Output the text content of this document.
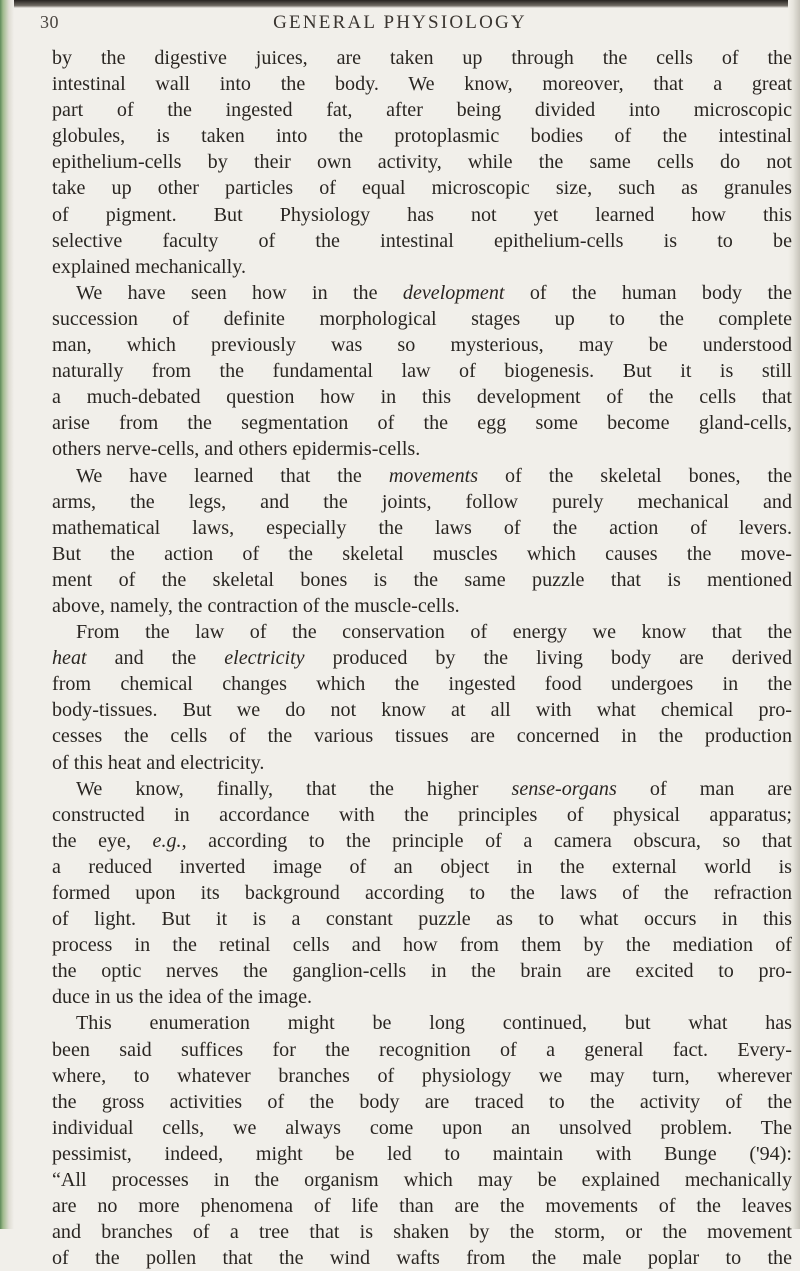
30	GENERAL PHYSIOLOGY
by the digestive juices, are taken up through the cells of the
intestinal wall into the body. We know, moreover, that a great
part of the ingested fat, after being divided into microscopic
globules, is taken into the protoplasmic bodies of the intestinal
epithelium-cells by their own activity, while the same cells do not
take up other particles of equal microscopic size, such as granules
of pigment. But Physiology has not yet learned how this
selective faculty of the intestinal epithelium-cells is to be
explained mechanically.
We have seen how in the development of the human body the
succession of definite morphological stages up to the complete
man, which previously was so mysterious, may be understood
naturally from the fundamental law of biogenesis. But it is still
a much-debated question how in this development of the cells that
arise from the segmentation of the egg some become gland-cells,
others nerve-cells, and others epidermis-cells.
We have learned that the movements of the skeletal bones, the
arms, the legs, and the joints, follow purely mechanical and
mathematical laws, especially the laws of the action of levers.
But the action of the skeletal muscles which causes the move-
ment of the skeletal bones is the same puzzle that is mentioned
above, namely, the contraction of the muscle-cells.
From the law of the conservation of energy we know that the
heat and the electricity produced by the living body are derived
from chemical changes which the ingested food undergoes in the
body-tissues. But we do not know at all with what chemical pro-
cesses the cells of the various tissues are concerned in the production
of this heat and electricity.
We know, finally, that the higher sense-organs of man are
constructed in accordance with the principles of physical apparatus;
the eye, e.g., according to the principle of a camera obscura, so that
a reduced inverted image of an object in the external world is
formed upon its background according to the laws of the refraction
of light. But it is a constant puzzle as to what occurs in this
process in the retinal cells and how from them by the mediation of
the optic nerves the ganglion-cells in the brain are excited to pro-
duce in us the idea of the image.
This enumeration might be long continued, but what has
been said suffices for the recognition of a general fact. Every-
where, to whatever branches of physiology we may turn, wherever
the gross activities of the body are traced to the activity of the
individual cells, we always come upon an unsolved problem. The
pessimist, indeed, might be led to maintain with Bunge ('94):
“All processes in the organism which may be explained mechanically
are no more phenomena of life than are the movements of the leaves
and branches of a tree that is shaken by the storm, or the movement
of the pollen that the wind wafts from the male poplar to the
